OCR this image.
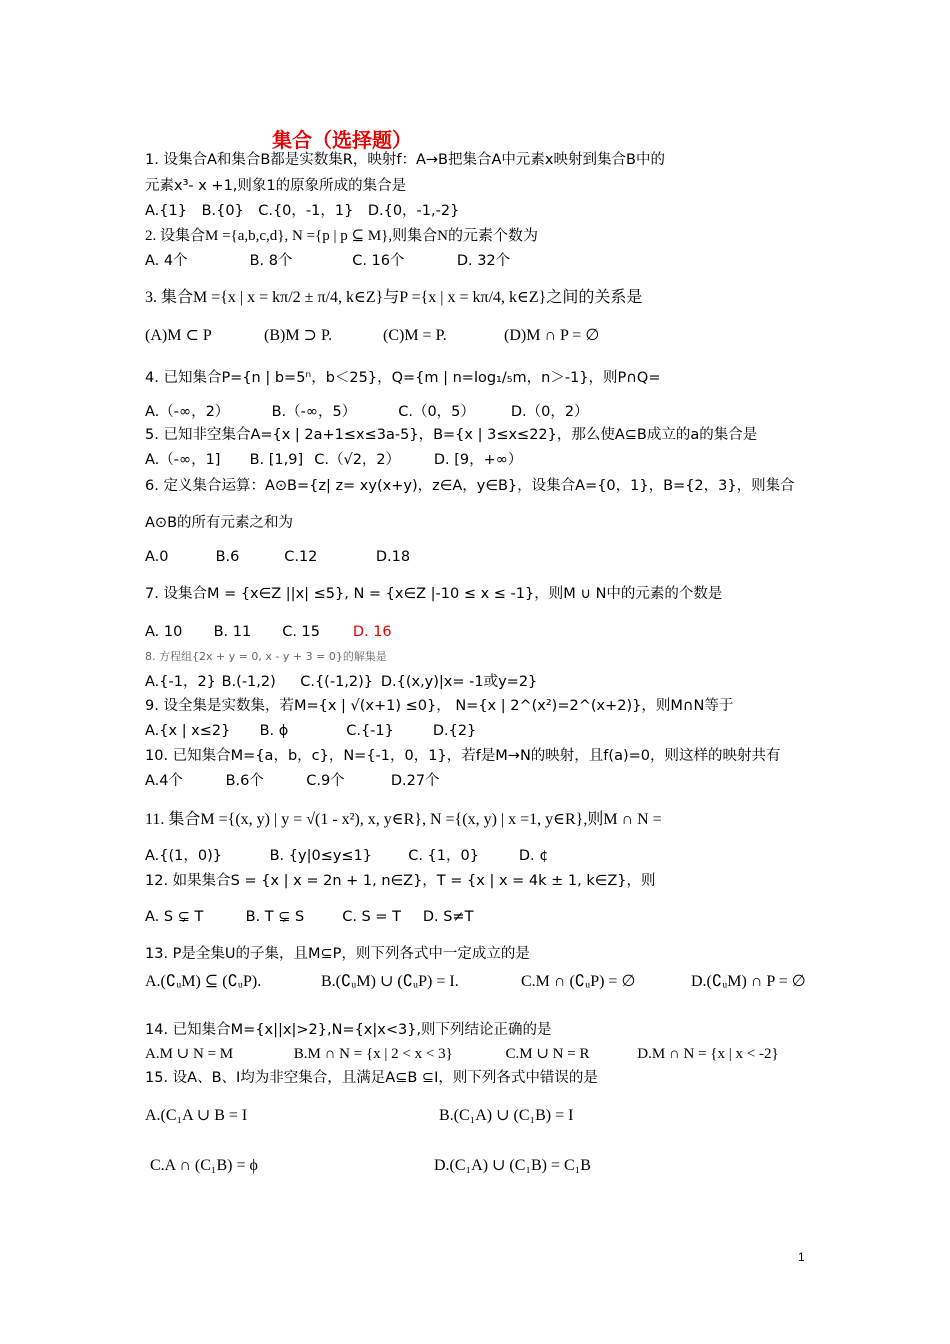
集合（选择题）
1. 设集合A和集合B都是实数集R，映射f：A→B把集合A中元素x映射到集合B中的
元素x³- x +1,则象1的原象所成的集合是
A.{1} B.{0} C.{0，-1，1} D.{0，-1,-2}
2. 设集合M ={a,b,c,d}, N ={p | p ⊆ M},则集合N的元素个数为
A. 4个	B. 8个	C. 16个	D. 32个
3. 集合M ={x | x = kπ/2 ± π/4, k∈Z}与P ={x | x = kπ/4, k∈Z}之间的关系是
(A)M ⊂ P	(B)M ⊃ P.	(C)M = P.	(D)M ∩ P = ∅
4. 已知集合P={n | b=5ⁿ，b＜25}，Q={m | n=log₁/₅m，n＞-1}，则P∩Q=
A.（-∞，2）	B.（-∞，5）	C.（0，5） D.（0，2）
5. 已知非空集合A={x | 2a+1≤x≤3a-5}，B={x | 3≤x≤22}，那么使A⊆B成立的a的集合是
A.（-∞，1] B. [1,9] C.（√2，2） D. [9，+∞）
6. 定义集合运算：A⊙B={z| z= xy(x+y)，z∈A，y∈B}，设集合A={0，1}，B={2，3}，则集合
A⊙B的所有元素之和为
A.0	B.6	C.12	D.18
7. 设集合M = {x∈Z ||x| ≤5}, N = {x∈Z |-10 ≤ x ≤ -1}，则M ∪ N中的元素的个数是
A. 10 B. 11 C. 15 D. 16
8. 方程组{2x + y = 0, x - y + 3 = 0}的解集是
A.{-1，2} B.(-1,2) C.{(-1,2)} D.{(x,y)|x= -1或y=2}
9. 设全集是实数集，若M={x | √(x+1) ≤0}， N={x | 2^(x²)=2^(x+2)}，则M∩N等于
A.{x | x≤2} B. ϕ	C.{-1}	D.{2}
10. 已知集合M={a，b，c}，N={-1，0，1}，若f是M→N的映射，且f(a)=0，则这样的映射共有
A.4个	B.6个	C.9个	D.27个
11. 集合M ={(x, y) | y = √(1 - x²), x, y∈R}, N ={(x, y) | x =1, y∈R},则M ∩ N =
A.{(1，0)}	B. {y|0≤y≤1} C. {1，0}	D. ¢
12. 如果集合S = {x | x = 2n + 1, n∈Z}，T = {x | x = 4k ± 1, k∈Z}，则
A. S ⊊ T	B. T ⊊ S	C. S = T D. S≠T
13. P是全集U的子集，且M⊆P，则下列各式中一定成立的是
A.(∁ᵤM) ⊆ (∁ᵤP).	B.(∁ᵤM) ∪ (∁ᵤP) = I.	C.M ∩ (∁ᵤP) = ∅	D.(∁ᵤM) ∩ P = ∅
14. 已知集合M={x||x|>2},N={x|x<3},则下列结论正确的是
A.M ∪ N = M	B.M ∩ N = {x | 2 < x < 3}	C.M ∪ N = R	D.M ∩ N = {x | x < -2}
15. 设A、B、I均为非空集合，且满足A⊆B ⊆I，则下列各式中错误的是
A.(C₁A ∪ B = I	B.(C₁A) ∪ (C₁B) = I
C.A ∩ (C₁B) = ϕ	D.(C₁A) ∪ (C₁B) = C₁B
1
